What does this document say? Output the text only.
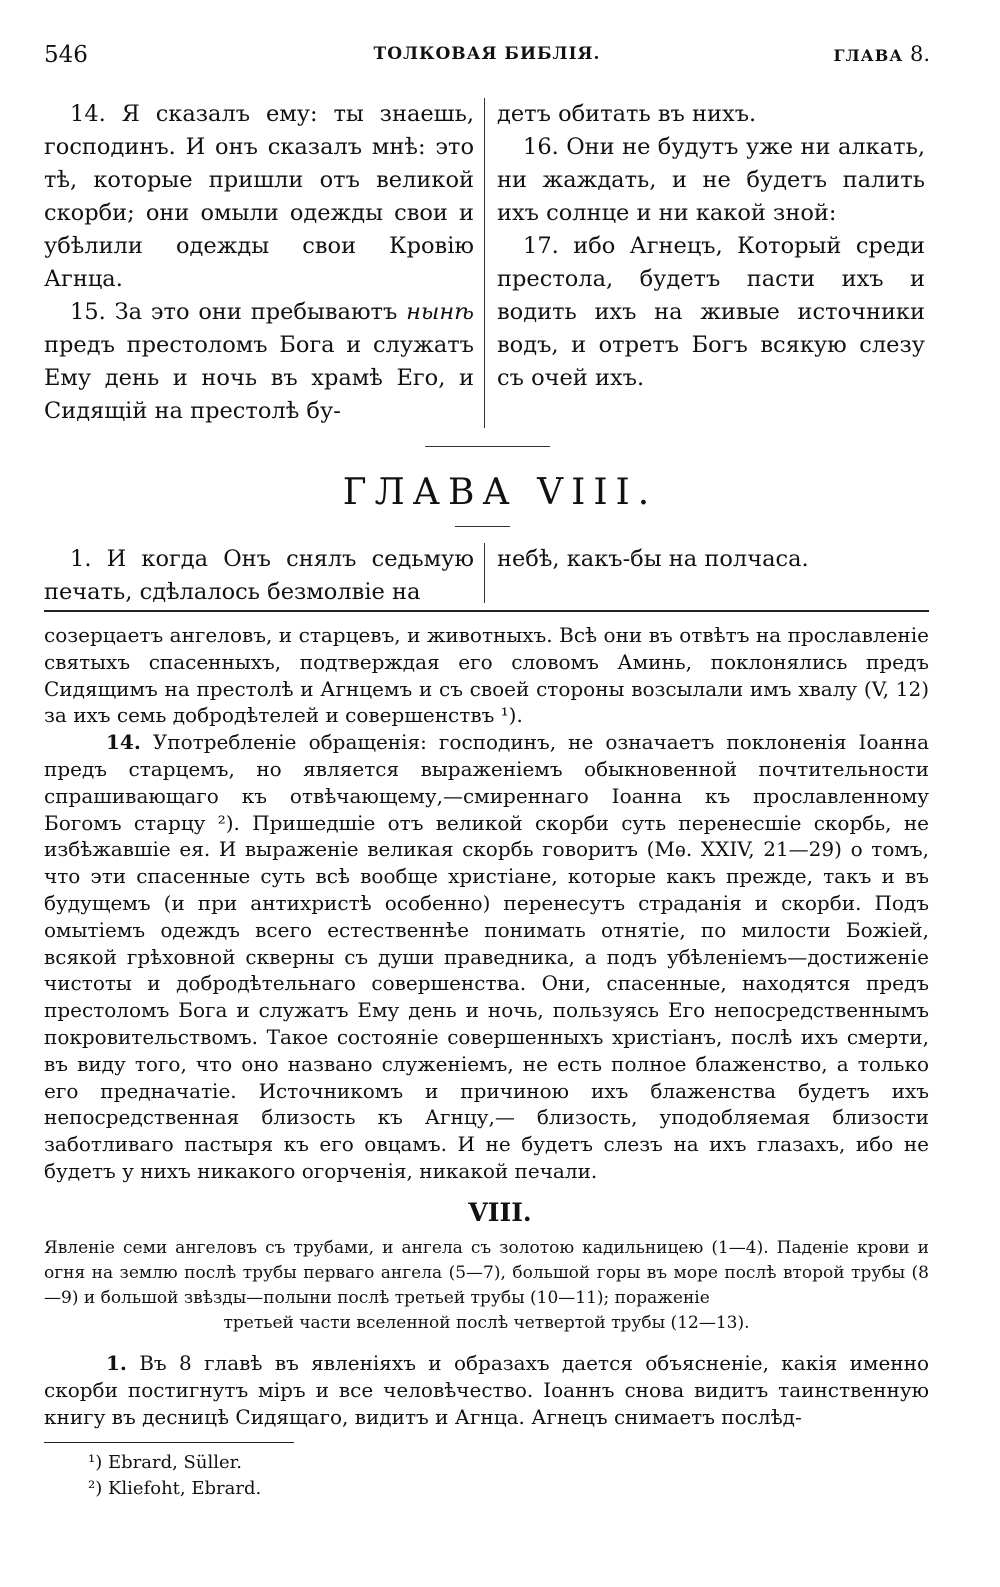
546	ТОЛКОВАЯ БИБЛІЯ.	ГЛАВА 8.

14. Я сказалъ ему: ты знаешь, господинъ. И онъ сказалъ мнѣ: это тѣ, которые пришли отъ великой скорби; они омыли одежды свои и убѣлили одежды свои Кровію Агнца.

15. За это они пребываютъ нынѣ предъ престоломъ Бога и служатъ Ему день и ночь въ храмѣ Его, и Сидящій на престолѣ бу-

детъ обитать въ нихъ.

16. Они не будутъ уже ни алкать, ни жаждать, и не будетъ палить ихъ солнце и ни какой зной:

17. ибо Агнецъ, Который среди престола, будетъ пасти ихъ и водить ихъ на живые источники водъ, и отретъ Богъ всякую слезу съ очей ихъ.

ГЛАВА VIII.

1. И когда Онъ снялъ седьмую печать, сдѣлалось безмолвіе на

небѣ, какъ-бы на полчаса.

созерцаетъ ангеловъ, и старцевъ, и животныхъ. Всѣ они въ отвѣтъ на прославленіе святыхъ спасенныхъ, подтверждая его словомъ Аминь, поклонялись предъ Сидящимъ на престолѣ и Агнцемъ и съ своей стороны возсылали имъ хвалу (V, 12) за ихъ семь добродѣтелей и совершенствъ ¹).

14. Употребленіе обращенія: господинъ, не означаетъ поклоненія Іоанна предъ старцемъ, но является выраженіемъ обыкновенной почтительности спрашивающаго къ отвѣчающему,—смиреннаго Іоанна къ прославленному Богомъ старцу ²). Пришедшіе отъ великой скорби суть перенесшіе скорбь, не избѣжавшіе ея. И выраженіе великая скорбь говоритъ (Мѳ. XXIV, 21—29) о томъ, что эти спасенные суть всѣ вообще христіане, которые какъ прежде, такъ и въ будущемъ (и при антихристѣ особенно) перенесутъ страданія и скорби. Подъ омытіемъ одеждъ всего естественнѣе понимать отнятіе, по милости Божіей, всякой грѣховной скверны съ души праведника, а подъ убѣленіемъ—достиженіе чистоты и добродѣтельнаго совершенства. Они, спасенные, находятся предъ престоломъ Бога и служатъ Ему день и ночь, пользуясь Его непосредственнымъ покровительствомъ. Такое состояніе совершенныхъ христіанъ, послѣ ихъ смерти, въ виду того, что оно названо служеніемъ, не есть полное блаженство, а только его предначатіе. Источникомъ и причиною ихъ блаженства будетъ ихъ непосредственная близость къ Агнцу,— близость, уподобляемая близости заботливаго пастыря къ его овцамъ. И не будетъ слезъ на ихъ глазахъ, ибо не будетъ у нихъ никакого огорченія, никакой печали.

VIII.
Явленіе семи ангеловъ съ трубами, и ангела съ золотою кадильницею (1—4). Паденіе крови и огня на землю послѣ трубы перваго ангела (5—7), большой горы въ море послѣ второй трубы (8—9) и большой звѣзды—полыни послѣ третьей трубы (10—11); пораженіе
третьей части вселенной послѣ четвертой трубы (12—13).

1. Въ 8 главѣ въ явленіяхъ и образахъ дается объясненіе, какія именно скорби постигнутъ міръ и все человѣчество. Іоаннъ снова видитъ таинственную книгу въ десницѣ Сидящаго, видитъ и Агнца. Агнецъ снимаетъ послѣд-

¹) Ebrard, Süller.
²) Kliefoht, Ebrard.
